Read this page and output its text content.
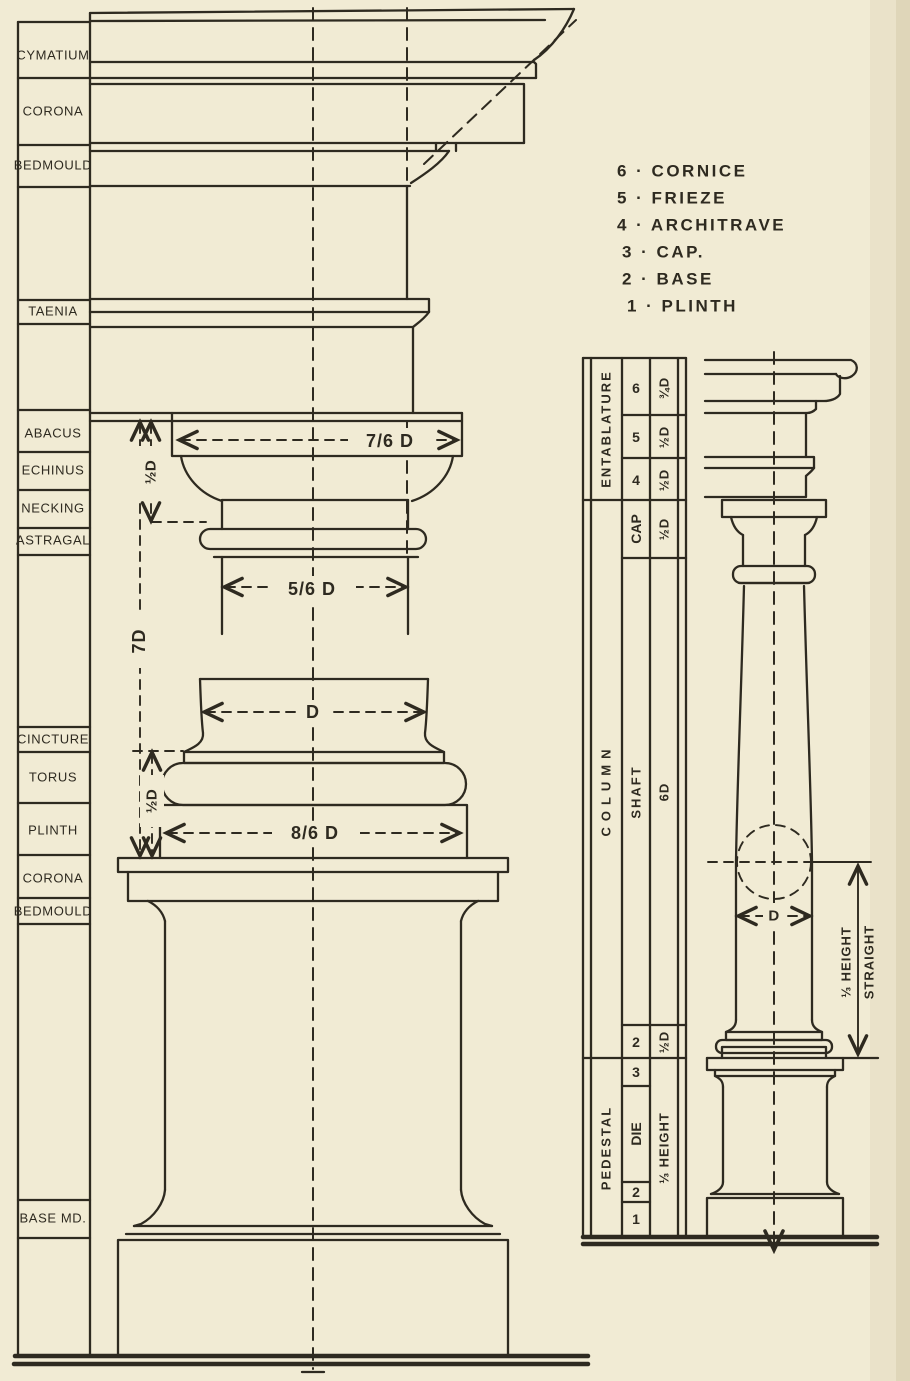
CYMATIUM
CORONA
BEDMOULD
TAENIA
ABACUS
ECHINUS
NECKING
ASTRAGAL
CINCTURE
TORUS
PLINTH
CORONA
BEDMOULD
BASE MD.
7/6 D
5/6 D
D
8/6 D
7D
½D
½D
6 · CORNICE
5 · FRIEZE
4 · ARCHITRAVE
3 · CAP.
2 · BASE
1 · PLINTH
ENTABLATURE
COLUMN
PEDESTAL
6
5
4
CAP
SHAFT
2
3
DIE
2
1
¾D
½D
½D
½D
6D
½D
⅓ HEIGHT
D
⅓ HEIGHT STRAIGHT
